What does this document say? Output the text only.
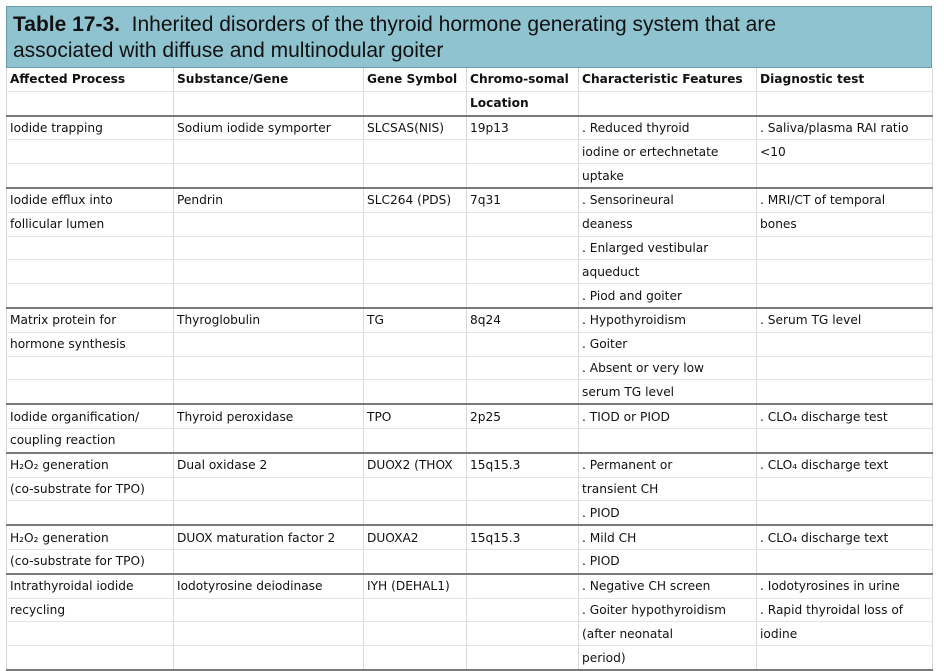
Table 17-3. Inherited disorders of the thyroid hormone generating system that are
associated with diffuse and multinodular goiter
Affected Process	Substance/Gene	Gene Symbol	Chromo-somal	Characteristic Features	Diagnostic test
			Location		
Iodide trapping	Sodium iodide symporter	SLCSAS(NIS)	19p13	. Reduced thyroid	. Saliva/plasma RAI ratio
				iodine or ertechnetate	<10
				uptake	
Iodide efflux into	Pendrin	SLC264 (PDS)	7q31	. Sensorineural	. MRI/CT of temporal
follicular lumen				deaness	bones
				. Enlarged vestibular	
				aqueduct	
				. Piod and goiter	
Matrix protein for	Thyroglobulin	TG	8q24	. Hypothyroidism	. Serum TG level
hormone synthesis				. Goiter	
				. Absent or very low	
				serum TG level	
Iodide organification/	Thyroid peroxidase	TPO	2p25	. TIOD or PIOD	. CLO₄ discharge test
coupling reaction					
H₂O₂ generation	Dual oxidase 2	DUOX2 (THOX	15q15.3	. Permanent or	. CLO₄ discharge text
(co-substrate for TPO)				transient CH	
				. PIOD	
H₂O₂ generation	DUOX maturation factor 2	DUOXA2	15q15.3	. Mild CH	. CLO₄ discharge text
(co-substrate for TPO)				. PIOD	
Intrathyroidal iodide	Iodotyrosine deiodinase	IYH (DEHAL1)		. Negative CH screen	. Iodotyrosines in urine
recycling				. Goiter hypothyroidism	. Rapid thyroidal loss of
				(after neonatal	iodine
				period)	
